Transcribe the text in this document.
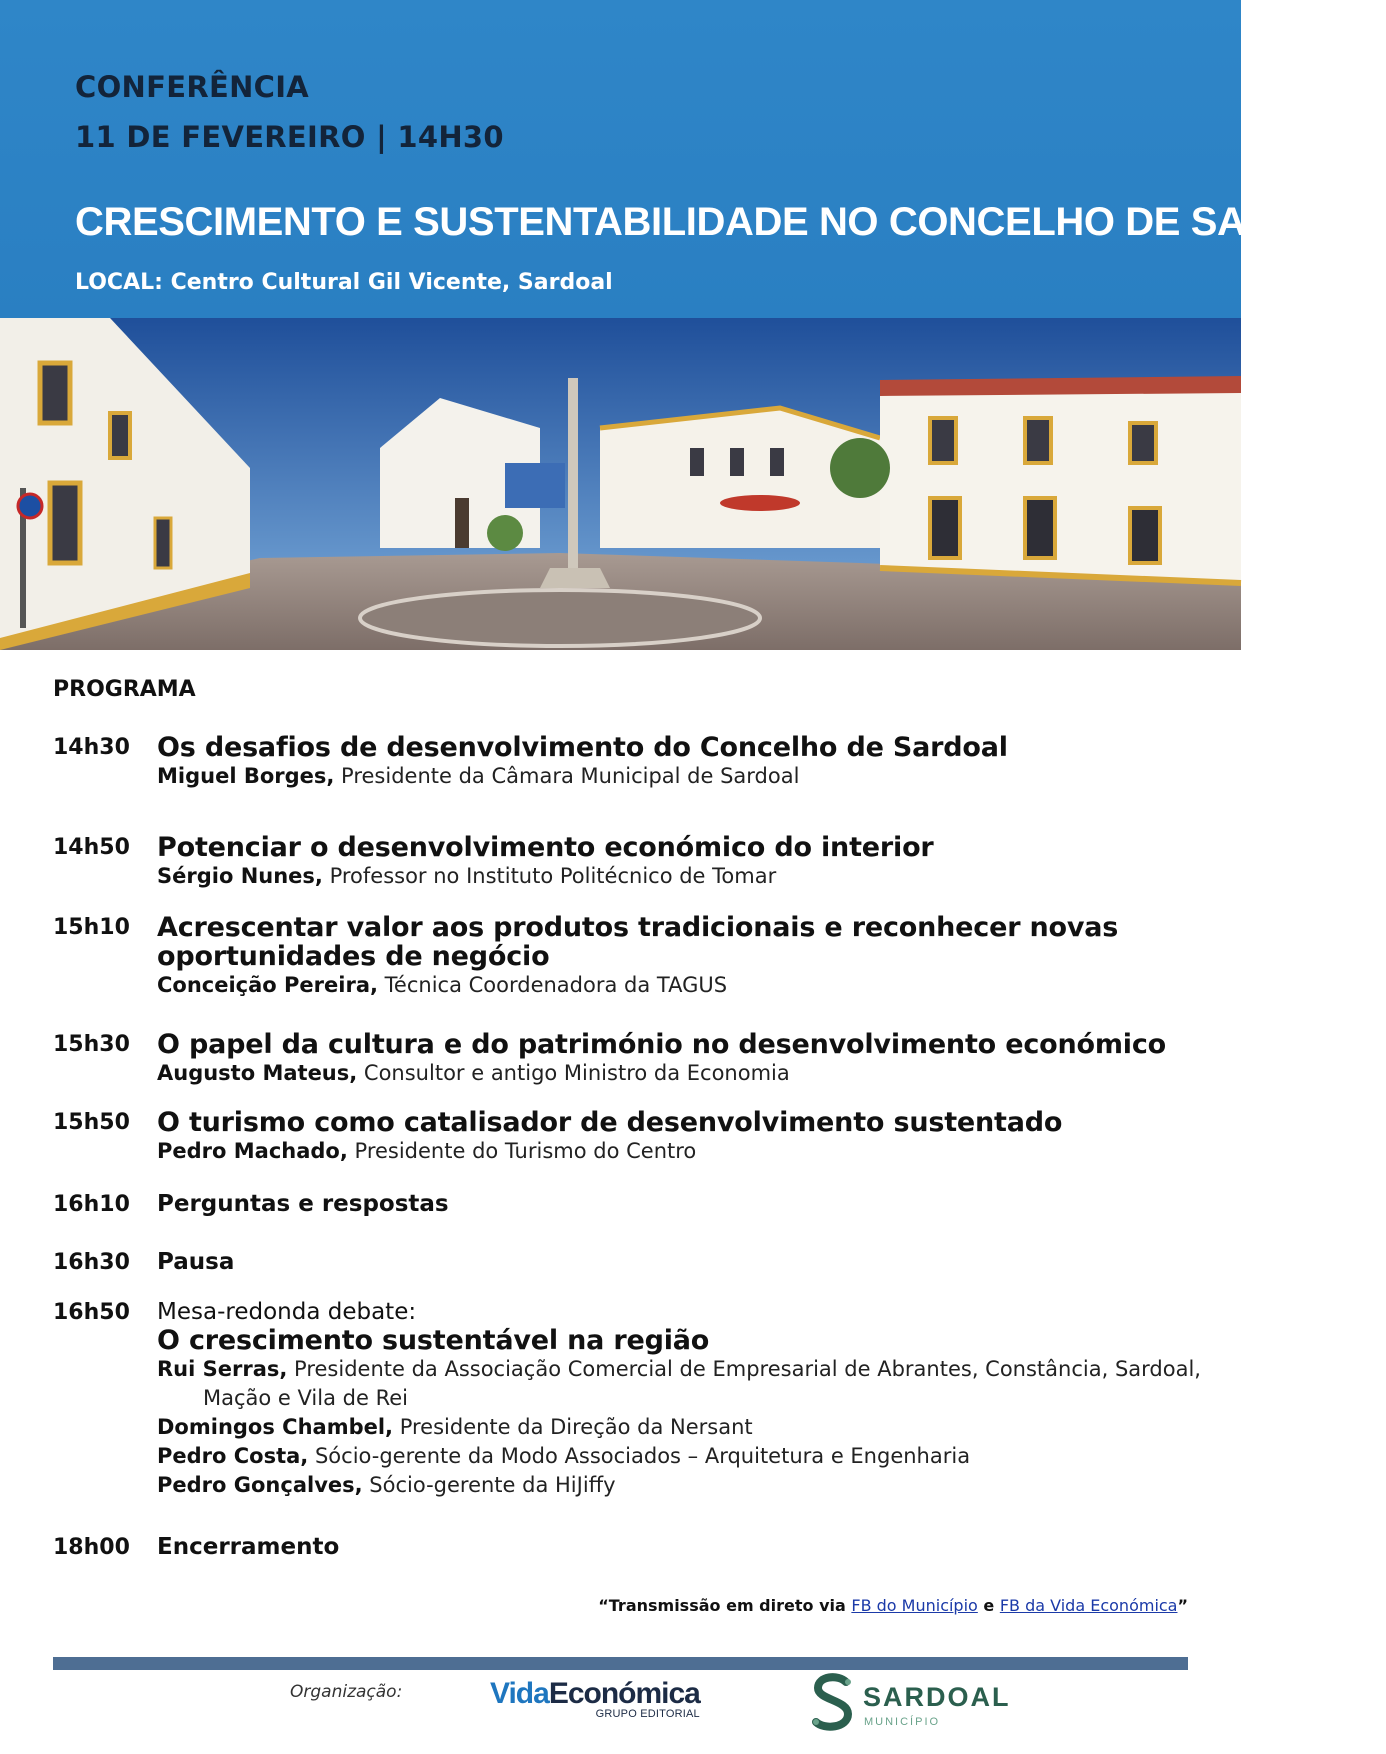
CONFERÊNCIA
11 DE FEVEREIRO | 14H30
CRESCIMENTO E SUSTENTABILIDADE NO CONCELHO DE SARDOAL
LOCAL: Centro Cultural Gil Vicente, Sardoal
PROGRAMA
14h30 Os desafios de desenvolvimento do Concelho de Sardoal
Miguel Borges, Presidente da Câmara Municipal de Sardoal
14h50 Potenciar o desenvolvimento económico do interior
Sérgio Nunes, Professor no Instituto Politécnico de Tomar
15h10 Acrescentar valor aos produtos tradicionais e reconhecer novas
oportunidades de negócio
Conceição Pereira, Técnica Coordenadora da TAGUS
15h30 O papel da cultura e do património no desenvolvimento económico
Augusto Mateus, Consultor e antigo Ministro da Economia
15h50 O turismo como catalisador de desenvolvimento sustentado
Pedro Machado, Presidente do Turismo do Centro
16h10 Perguntas e respostas
16h30 Pausa
16h50 Mesa-redonda debate:
O crescimento sustentável na região
Rui Serras, Presidente da Associação Comercial de Empresarial de Abrantes, Constância, Sardoal,
Mação e Vila de Rei
Domingos Chambel, Presidente da Direção da Nersant
Pedro Costa, Sócio-gerente da Modo Associados – Arquitetura e Engenharia
Pedro Gonçalves, Sócio-gerente da HiJiffy
18h00 Encerramento
“Transmissão em direto via FB do Município e FB da Vida Económica”
Organização:	VidaEconómica
GRUPO EDITORIAL
SARDOAL
MUNICÍPIO
